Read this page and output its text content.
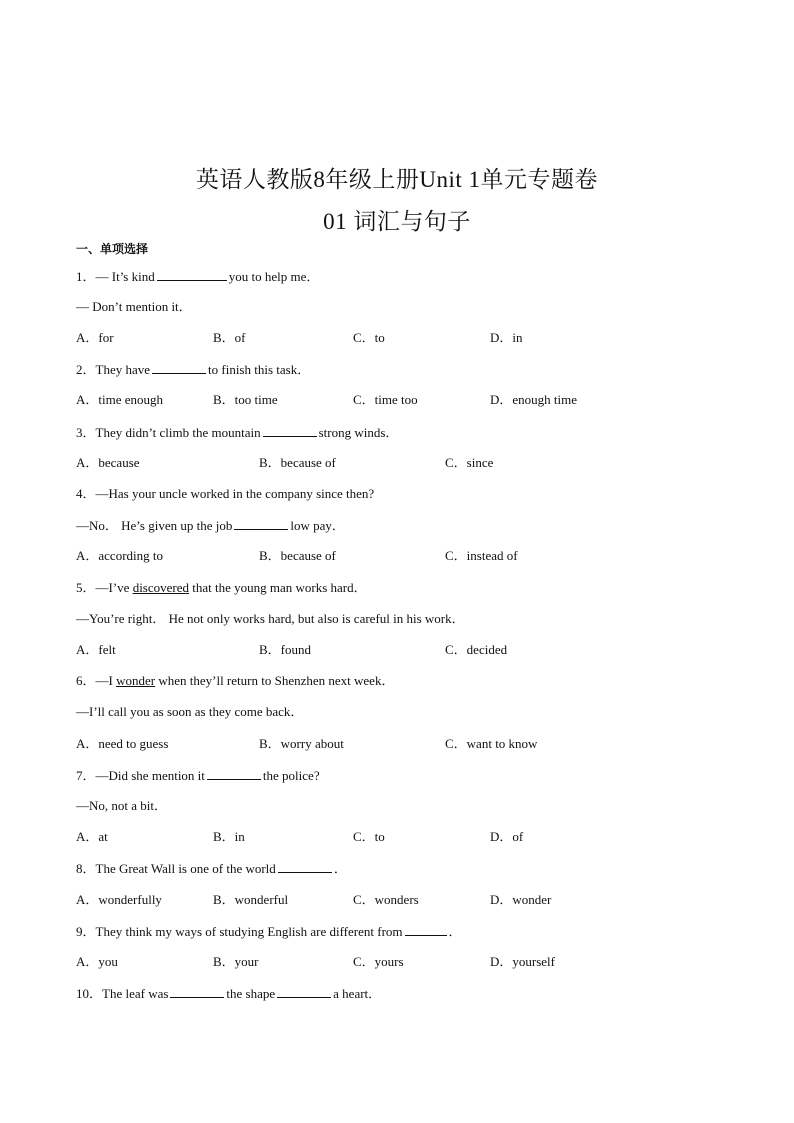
英语人教版8年级上册Unit 1单元专题卷
01 词汇与句子
一、单项选择
1．— It’s kind	you to help me．
— Don’t mention it．
A．for	B．of	C．to	D．in
2．They have	to finish this task．
A．time enough	B．too time	C．time too	D．enough time
3．They didn’t climb the mountain	strong winds．
A．because	B．because of	C．since
4．—Has your uncle worked in the company since then?
—No． He’s given up the job	low pay．
A．according to	B．because of	C．instead of
5．—I’ve discovered that the young man works hard．
—You’re right． He not only works hard, but also is careful in his work．
A．felt	B．found	C．decided
6．—I wonder when they’ll return to Shenzhen next week．
—I’ll call you as soon as they come back．
A．need to guess	B．worry about	C．want to know
7．—Did she mention it	the police?
—No, not a bit．
A．at	B．in	C．to	D．of
8．The Great Wall is one of the world	．
A．wonderfully	B．wonderful	C．wonders	D．wonder
9．They think my ways of studying English are different from	．
A．you	B．your	C．yours	D．yourself
10．The leaf was	the shape	a heart．
